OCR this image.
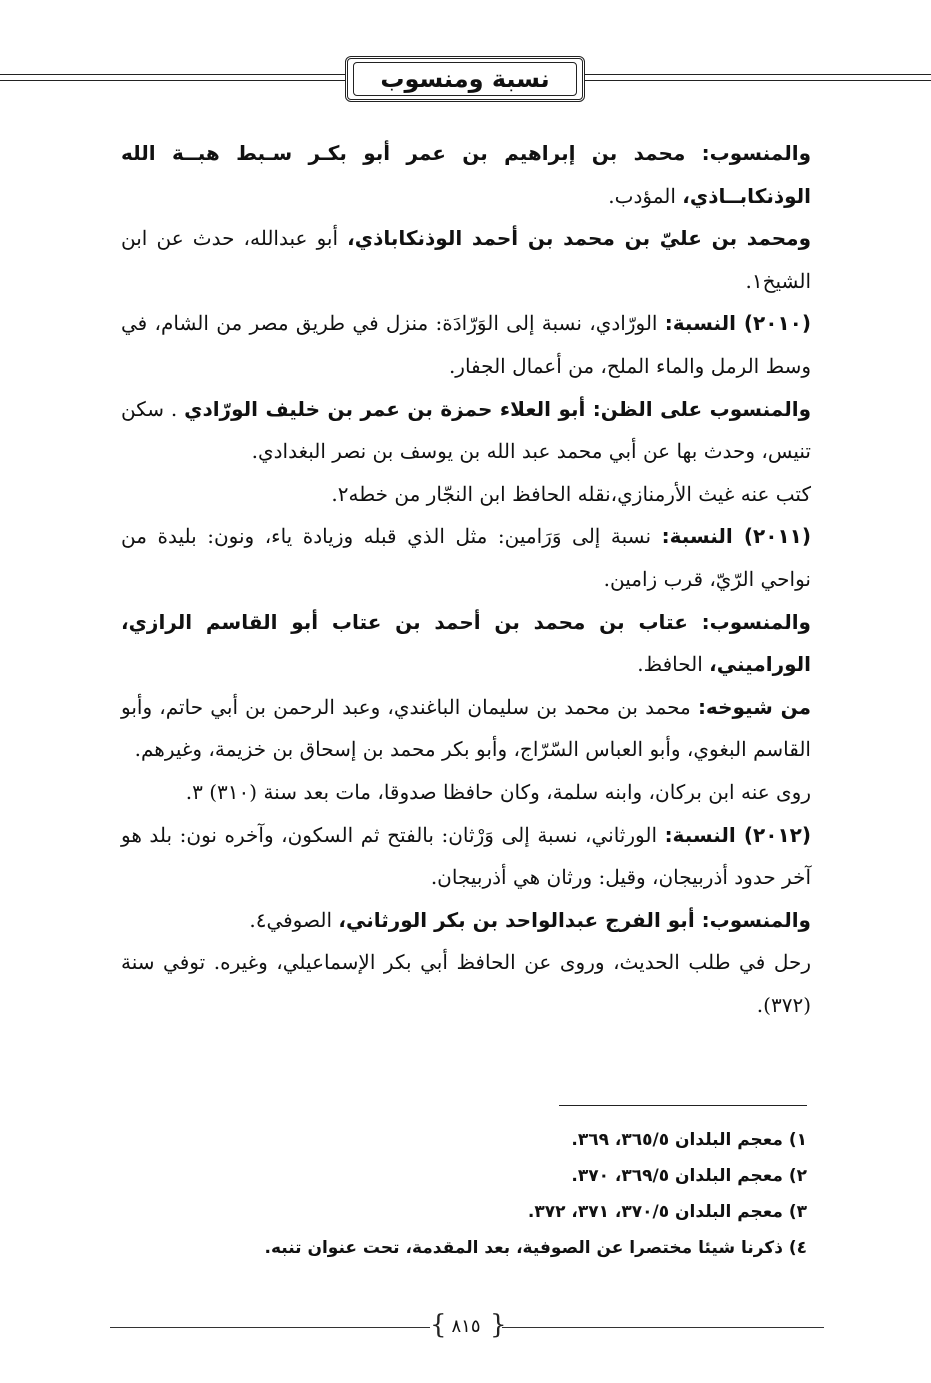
نسبة ومنسوب

والمنسوب: محمد بن إبراهيم بن عمر أبو بكـر سـبط هبــة الله الوذنكابــاذي، المؤدب.

ومحمد بن عليّ بن محمد بن أحمد الوذنكاباذي، أبو عبدالله، حدث عن ابن الشيخ١.

(٢٠١٠) النسبة: الورّادي، نسبة إلى الوَرّادَة: منزل في طريق مصر من الشام، في وسط الرمل والماء الملح، من أعمال الجفار.

والمنسوب على الظن: أبو العلاء حمزة بن عمر بن خليف الورّادي . سكن تنيس، وحدث بها عن أبي محمد عبد الله بن يوسف بن نصر البغدادي.

كتب عنه غيث الأرمنازي،نقله الحافظ ابن النجّار من خطه٢.

(٢٠١١) النسبة: نسبة إلى وَرَامين: مثل الذي قبله وزيادة ياء، ونون: بليدة من نواحي الرّيّ، قرب زامين.

والمنسوب: عتاب بن محمد بن أحمد بن عتاب أبو القاسم الرازي، الوراميني، الحافظ.

من شيوخه: محمد بن محمد بن سليمان الباغندي، وعبد الرحمن بن أبي حاتم، وأبو القاسم البغوي، وأبو العباس السّرّاج، وأبو بكر محمد بن إسحاق بن خزيمة، وغيرهم.

روى عنه ابن بركان، وابنه سلمة، وكان حافظا صدوقا، مات بعد سنة (٣١٠) ٣.

(٢٠١٢) النسبة: الورثاني، نسبة إلى وَرْثان: بالفتح ثم السكون، وآخره نون: بلد هو آخر حدود أذربيجان، وقيل: ورثان هي أذربيجان.

والمنسوب: أبو الفرج عبدالواحد بن بكر الورثاني، الصوفي٤.

رحل في طلب الحديث، وروى عن الحافظ أبي بكر الإسماعيلي، وغيره. توفي سنة (٣٧٢).

١) معجم البلدان ٣٦٥/٥، ٣٦٩.

٢) معجم البلدان ٣٦٩/٥، ٣٧٠.

٣) معجم البلدان ٣٧٠/٥، ٣٧١، ٣٧٢.

٤) ذكرنا شيئا مختصرا عن الصوفية، بعد المقدمة، تحت عنوان تنبه.

{ ٨١٥ }
